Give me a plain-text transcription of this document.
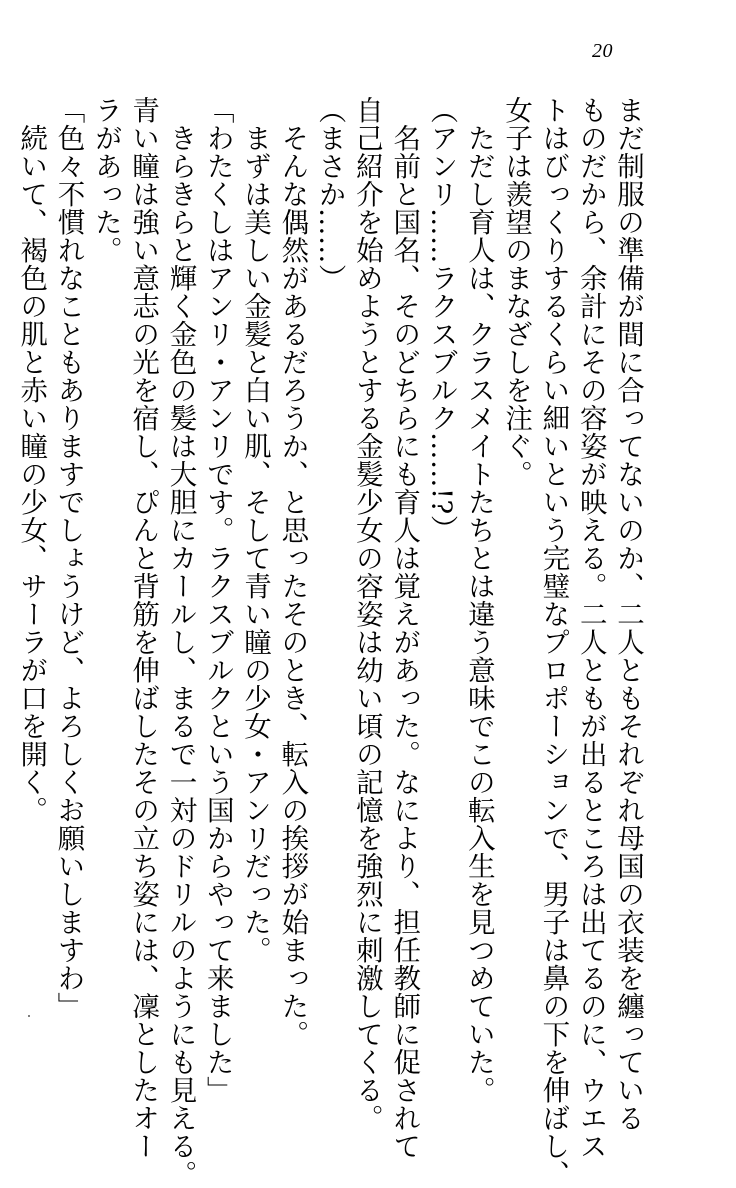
20
まだ制服の準備が間に合ってないのか、二人ともそれぞれ母国の衣装を纏っている
ものだから、余計にその容姿が映える。二人ともが出るところは出てるのに、ウエス
トはびっくりするくらい細いという完璧なプロポーションで、男子は鼻の下を伸ばし、
女子は羨望のまなざしを注ぐ。
　ただし育人は、クラスメイトたちとは違う意味でこの転入生を見つめていた。
（アンリ……ラクスブルク……!?）
　名前と国名、そのどちらにも育人は覚えがあった。なにより、担任教師に促されて
自己紹介を始めようとする金髪少女の容姿は幼い頃の記憶を強烈に刺激してくる。
（まさか……）
　そんな偶然があるだろうか、と思ったそのとき、転入の挨拶が始まった。
　まずは美しい金髪と白い肌、そして青い瞳の少女・アンリだった。
「わたくしはアンリ・アンリです。ラクスブルクという国からやって来ました」
　きらきらと輝く金色の髪は大胆にカールし、まるで一対のドリルのようにも見える。
青い瞳は強い意志の光を宿し、ぴんと背筋を伸ばしたその立ち姿には、凜としたオー
ラがあった。
「色々不慣れなこともありますでしょうけど、よろしくお願いしますわ」
　続いて、褐色の肌と赤い瞳の少女、サーラが口を開く。
